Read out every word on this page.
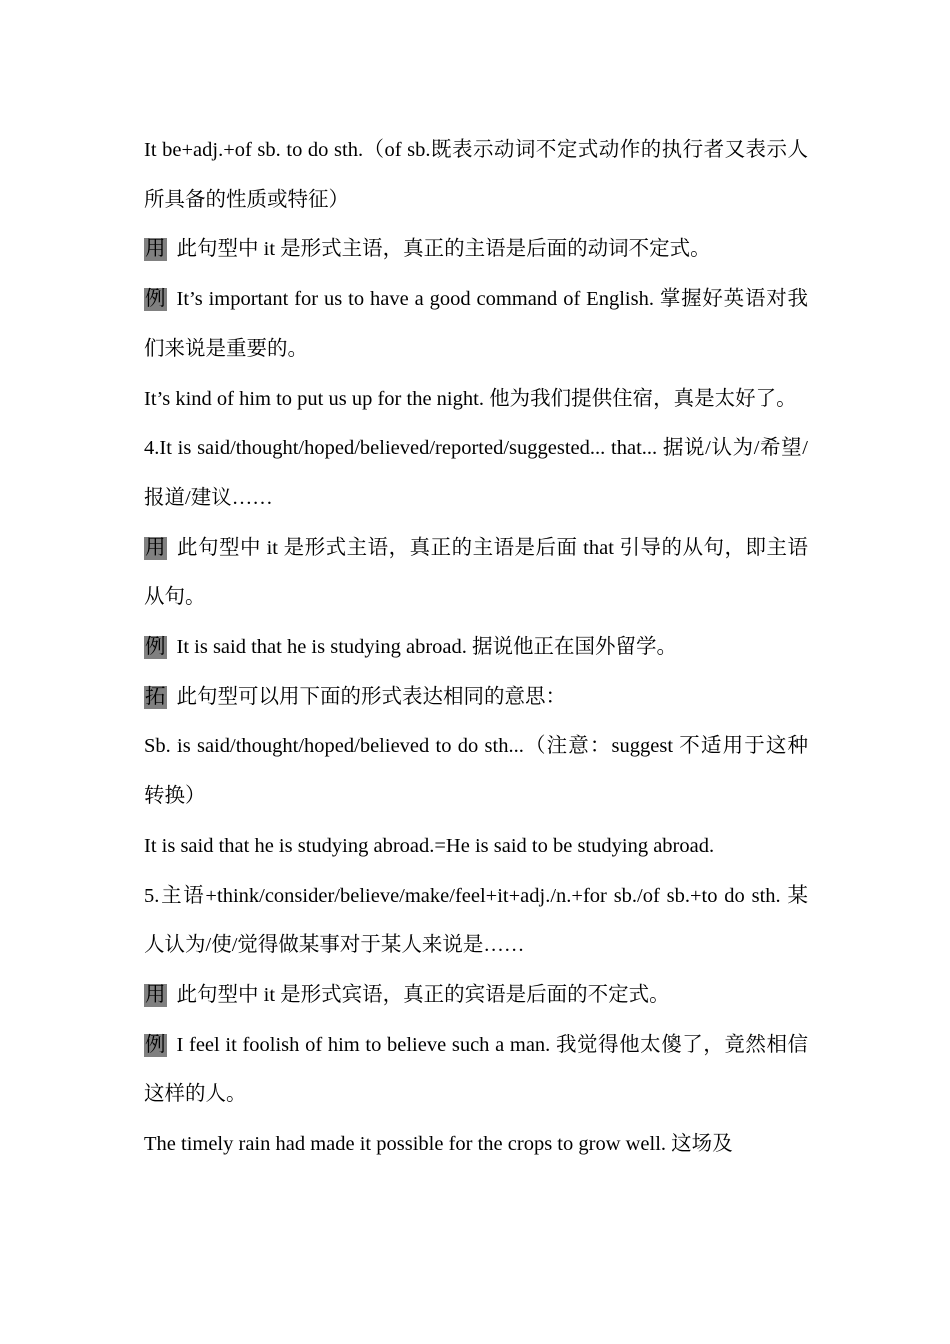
It be+adj.+of sb. to do sth.（of sb.既表示动词不定式动作的执行者又表示人所具备的性质或特征）

用 此句型中 it 是形式主语，真正的主语是后面的动词不定式。

例 It’s important for us to have a good command of English. 掌握好英语对我们来说是重要的。

It’s kind of him to put us up for the night. 他为我们提供住宿，真是太好了。

4.It is said/thought/hoped/believed/reported/suggested... that... 据说/认为/希望/报道/建议……

用 此句型中 it 是形式主语，真正的主语是后面 that 引导的从句，即主语从句。

例 It is said that he is studying abroad. 据说他正在国外留学。

拓 此句型可以用下面的形式表达相同的意思：

Sb. is said/thought/hoped/believed to do sth...（注意：suggest 不适用于这种转换）

It is said that he is studying abroad.=He is said to be studying abroad.

5.主语+think/consider/believe/make/feel+it+adj./n.+for sb./of sb.+to do sth. 某人认为/使/觉得做某事对于某人来说是……

用 此句型中 it 是形式宾语，真正的宾语是后面的不定式。

例 I feel it foolish of him to believe such a man. 我觉得他太傻了，竟然相信这样的人。

The timely rain had made it possible for the crops to grow well. 这场及
